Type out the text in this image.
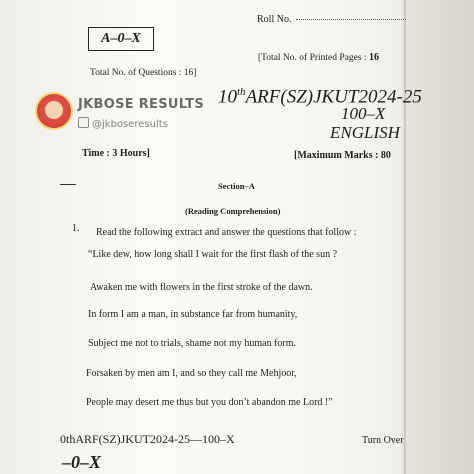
Roll No.
A–0–X
Total No. of Questions : 16]
[Total No. of Printed Pages : 16
10thARF(SZ)JKUT2024-25
100–X
ENGLISH
Time : 3 Hours]	[Maximum Marks : 80
JKBOSE RESULTS
@jkboseresults
Section–A
(Reading Comprehension)
1. Read the following extract and answer the questions that follow :
“Like dew, how long shall I wait for the first flash of the sun ?
Awaken me with flowers in the first stroke of the dawn.
In form I am a man, in substance far from humanity,
Subject me not to trials, shame not my human form.
Forsaken by men am I, and so they call me Mehjoor,
People may desert me thus but you don’t abandon me Lord !”
0thARF(SZ)JKUT2024-25—100–X	Turn Over
–0–X
